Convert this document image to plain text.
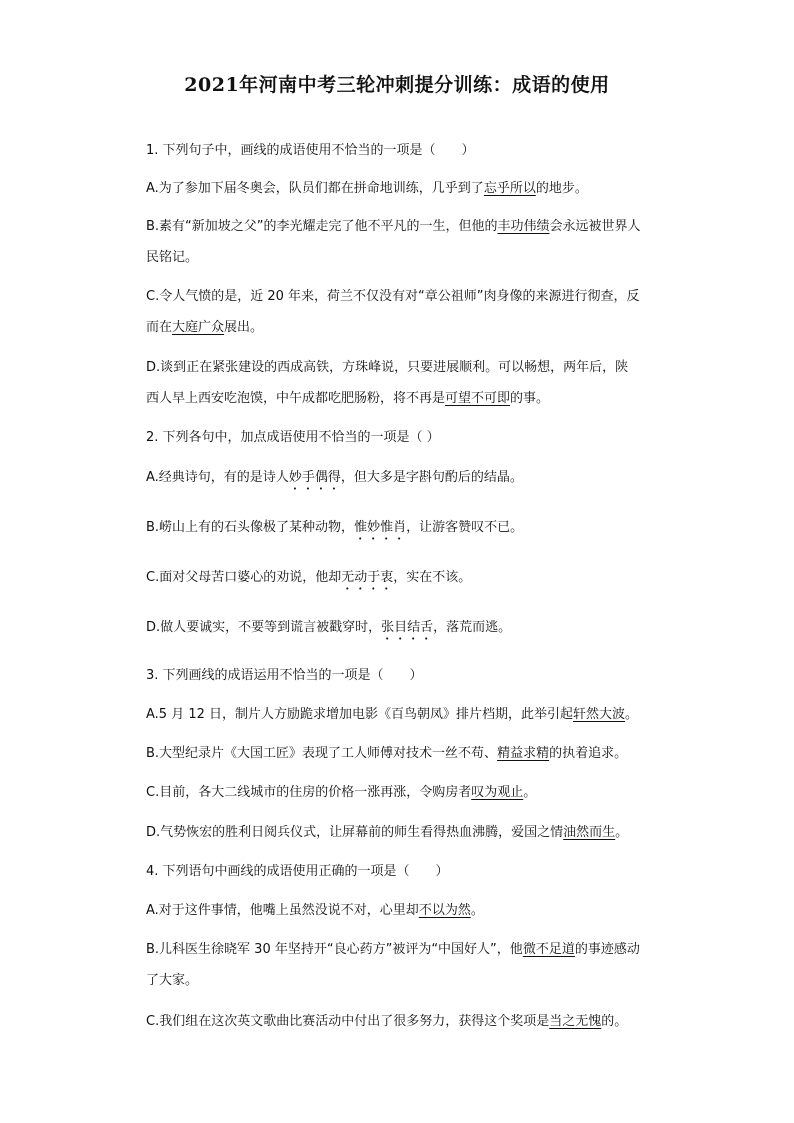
2021年河南中考三轮冲刺提分训练：成语的使用
1. 下列句子中，画线的成语使用不恰当的一项是（　　）
A.为了参加下届冬奥会，队员们都在拼命地训练，几乎到了忘乎所以的地步。
B.素有“新加坡之父”的李光耀走完了他不平凡的一生，但他的丰功伟绩会永远被世界人
民铭记。
C.令人气愤的是，近 20 年来，荷兰不仅没有对“章公祖师”肉身像的来源进行彻查，反
而在大庭广众展出。
D.谈到正在紧张建设的西成高铁，方珠峰说，只要进展顺利。可以畅想，两年后，陕
西人早上西安吃泡馍，中午成都吃肥肠粉，将不再是可望不可即的事。
2. 下列各句中，加点成语使用不恰当的一项是（ ）
A.经典诗句，有的是诗人妙手偶得，但大多是字斟句酌后的结晶。
B.崂山上有的石头像极了某种动物，惟妙惟肖，让游客赞叹不已。
C.面对父母苦口婆心的劝说，他却无动于衷，实在不该。
D.做人要诚实，不要等到谎言被戳穿时，张目结舌，落荒而逃。
3. 下列画线的成语运用不恰当的一项是（　　）
A.5 月 12 日，制片人方励跪求增加电影《百鸟朝凤》排片档期，此举引起轩然大波。
B.大型纪录片《大国工匠》表现了工人师傅对技术一丝不苟、精益求精的执着追求。
C.目前，各大二线城市的住房的价格一涨再涨，令购房者叹为观止。
D.气势恢宏的胜利日阅兵仪式，让屏幕前的师生看得热血沸腾，爱国之情油然而生。
4. 下列语句中画线的成语使用正确的一项是（　　）
A.对于这件事情，他嘴上虽然没说不对，心里却不以为然。
B.儿科医生徐晓军 30 年坚持开“良心药方”被评为“中国好人”，他微不足道的事迹感动
了大家。
C.我们组在这次英文歌曲比赛活动中付出了很多努力，获得这个奖项是当之无愧的。
